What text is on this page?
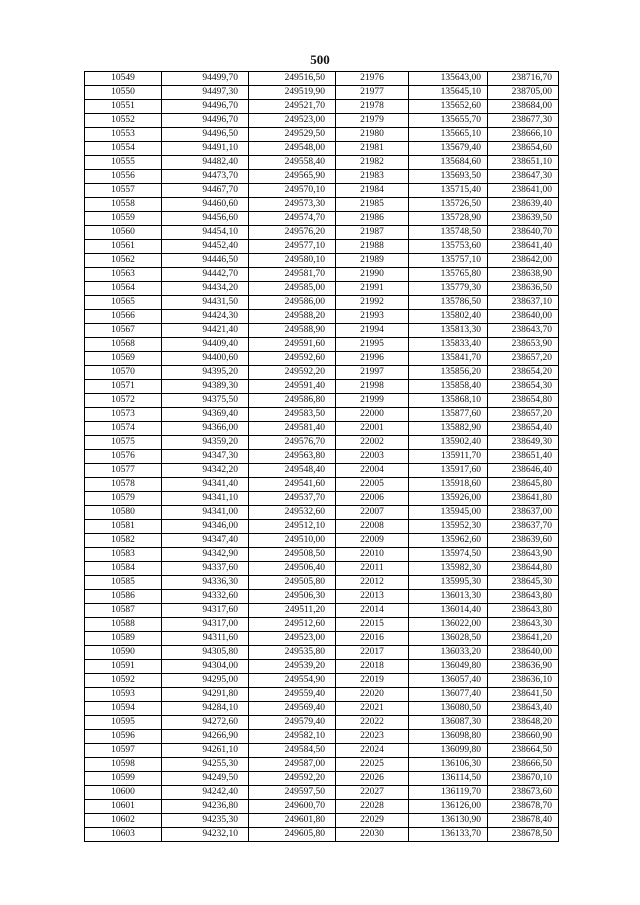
500
10549	94499,70	249516,50	21976	135643,00	238716,70
10550	94497,30	249519,90	21977	135645,10	238705,00
10551	94496,70	249521,70	21978	135652,60	238684,00
10552	94496,70	249523,00	21979	135655,70	238677,30
10553	94496,50	249529,50	21980	135665,10	238666,10
10554	94491,10	249548,00	21981	135679,40	238654,60
10555	94482,40	249558,40	21982	135684,60	238651,10
10556	94473,70	249565,90	21983	135693,50	238647,30
10557	94467,70	249570,10	21984	135715,40	238641,00
10558	94460,60	249573,30	21985	135726,50	238639,40
10559	94456,60	249574,70	21986	135728,90	238639,50
10560	94454,10	249576,20	21987	135748,50	238640,70
10561	94452,40	249577,10	21988	135753,60	238641,40
10562	94446,50	249580,10	21989	135757,10	238642,00
10563	94442,70	249581,70	21990	135765,80	238638,90
10564	94434,20	249585,00	21991	135779,30	238636,50
10565	94431,50	249586,00	21992	135786,50	238637,10
10566	94424,30	249588,20	21993	135802,40	238640,00
10567	94421,40	249588,90	21994	135813,30	238643,70
10568	94409,40	249591,60	21995	135833,40	238653,90
10569	94400,60	249592,60	21996	135841,70	238657,20
10570	94395,20	249592,20	21997	135856,20	238654,20
10571	94389,30	249591,40	21998	135858,40	238654,30
10572	94375,50	249586,80	21999	135868,10	238654,80
10573	94369,40	249583,50	22000	135877,60	238657,20
10574	94366,00	249581,40	22001	135882,90	238654,40
10575	94359,20	249576,70	22002	135902,40	238649,30
10576	94347,30	249563,80	22003	135911,70	238651,40
10577	94342,20	249548,40	22004	135917,60	238646,40
10578	94341,40	249541,60	22005	135918,60	238645,80
10579	94341,10	249537,70	22006	135926,00	238641,80
10580	94341,00	249532,60	22007	135945,00	238637,00
10581	94346,00	249512,10	22008	135952,30	238637,70
10582	94347,40	249510,00	22009	135962,60	238639,60
10583	94342,90	249508,50	22010	135974,50	238643,90
10584	94337,60	249506,40	22011	135982,30	238644,80
10585	94336,30	249505,80	22012	135995,30	238645,30
10586	94332,60	249506,30	22013	136013,30	238643,80
10587	94317,60	249511,20	22014	136014,40	238643,80
10588	94317,00	249512,60	22015	136022,00	238643,30
10589	94311,60	249523,00	22016	136028,50	238641,20
10590	94305,80	249535,80	22017	136033,20	238640,00
10591	94304,00	249539,20	22018	136049,80	238636,90
10592	94295,00	249554,90	22019	136057,40	238636,10
10593	94291,80	249559,40	22020	136077,40	238641,50
10594	94284,10	249569,40	22021	136080,50	238643,40
10595	94272,60	249579,40	22022	136087,30	238648,20
10596	94266,90	249582,10	22023	136098,80	238660,90
10597	94261,10	249584,50	22024	136099,80	238664,50
10598	94255,30	249587,00	22025	136106,30	238666,50
10599	94249,50	249592,20	22026	136114,50	238670,10
10600	94242,40	249597,50	22027	136119,70	238673,60
10601	94236,80	249600,70	22028	136126,00	238678,70
10602	94235,30	249601,80	22029	136130,90	238678,40
10603	94232,10	249605,80	22030	136133,70	238678,50
